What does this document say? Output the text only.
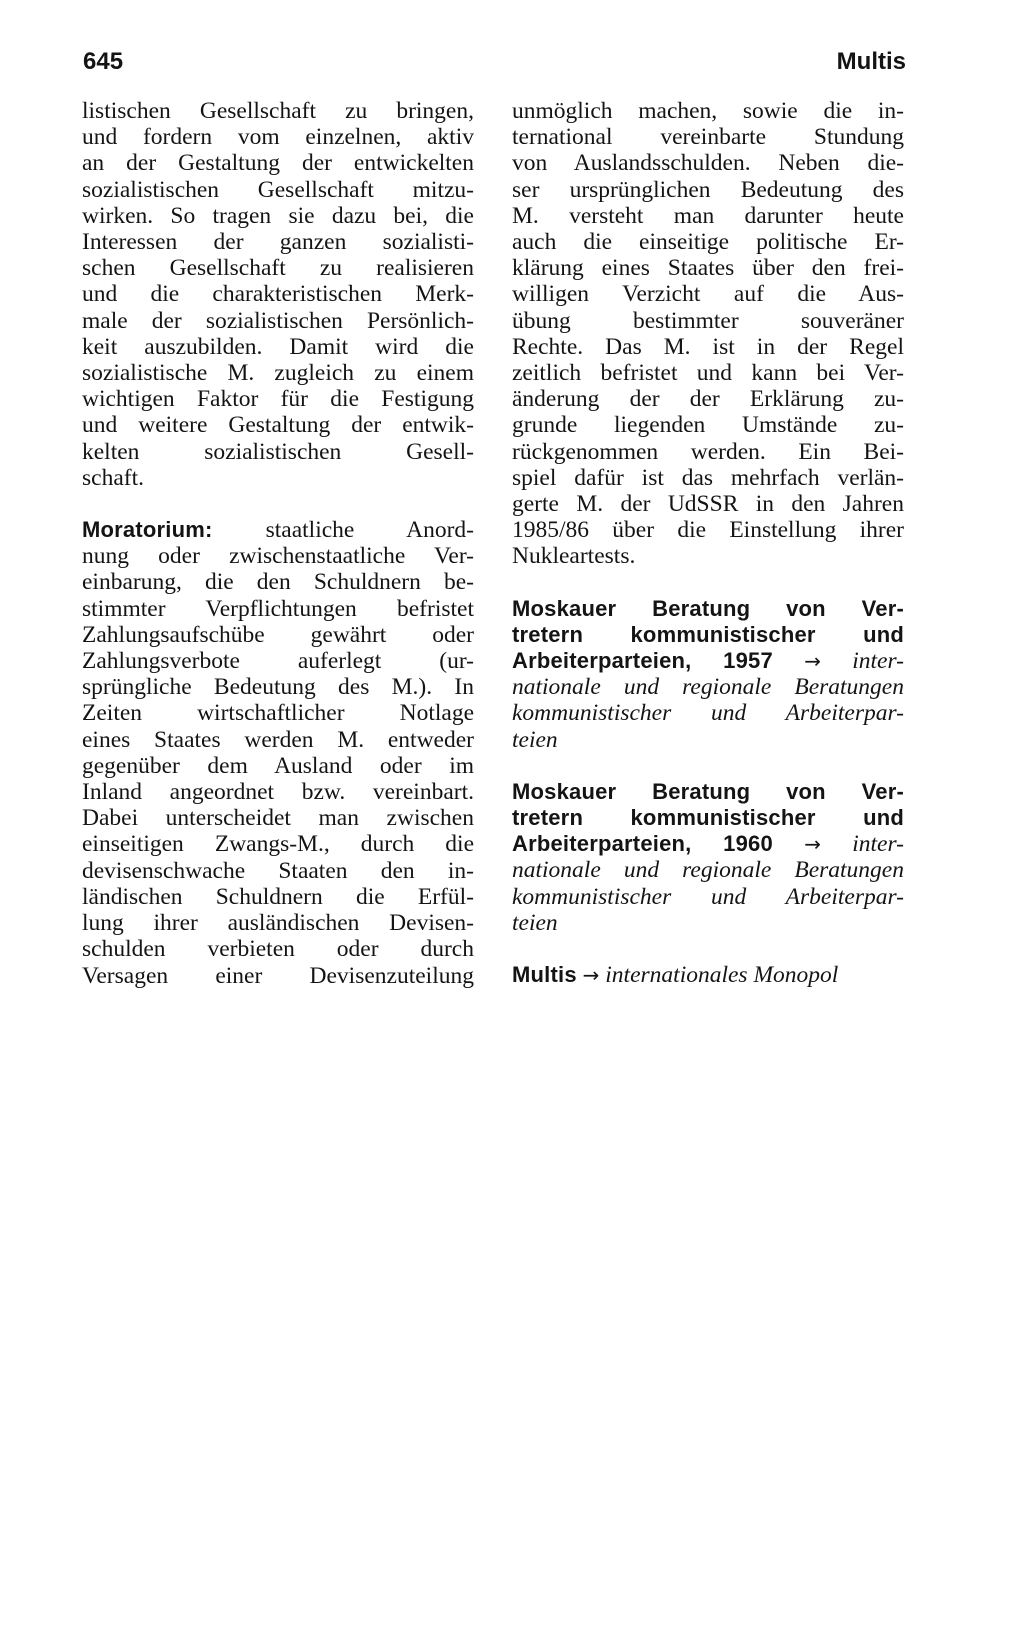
645	Multis

listischen Gesellschaft zu bringen,
und fordern vom einzelnen, aktiv
an der Gestaltung der entwickelten
sozialistischen Gesellschaft mitzu-
wirken. So tragen sie dazu bei, die
Interessen der ganzen sozialisti-
schen Gesellschaft zu realisieren
und die charakteristischen Merk-
male der sozialistischen Persönlich-
keit auszubilden. Damit wird die
sozialistische M. zugleich zu einem
wichtigen Faktor für die Festigung
und weitere Gestaltung der entwik-
kelten sozialistischen Gesell-
schaft.

Moratorium: staatliche Anord-
nung oder zwischenstaatliche Ver-
einbarung, die den Schuldnern be-
stimmter Verpflichtungen befristet
Zahlungsaufschübe gewährt oder
Zahlungsverbote auferlegt (ur-
sprüngliche Bedeutung des M.). In
Zeiten wirtschaftlicher Notlage
eines Staates werden M. entweder
gegenüber dem Ausland oder im
Inland angeordnet bzw. vereinbart.
Dabei unterscheidet man zwischen
einseitigen Zwangs-M., durch die
devisenschwache Staaten den in-
ländischen Schuldnern die Erfül-
lung ihrer ausländischen Devisen-
schulden verbieten oder durch
Versagen einer Devisenzuteilung

unmöglich machen, sowie die in-
ternational vereinbarte Stundung
von Auslandsschulden. Neben die-
ser ursprünglichen Bedeutung des
M. versteht man darunter heute
auch die einseitige politische Er-
klärung eines Staates über den frei-
willigen Verzicht auf die Aus-
übung bestimmter souveräner
Rechte. Das M. ist in der Regel
zeitlich befristet und kann bei Ver-
änderung der der Erklärung zu-
grunde liegenden Umstände zu-
rückgenommen werden. Ein Bei-
spiel dafür ist das mehrfach verlän-
gerte M. der UdSSR in den Jahren
1985/86 über die Einstellung ihrer
Nukleartests.

Moskauer Beratung von Ver-
tretern kommunistischer und
Arbeiterparteien, 1957 → inter-
nationale und regionale Beratungen
kommunistischer und Arbeiterpar-
teien

Moskauer Beratung von Ver-
tretern kommunistischer und
Arbeiterparteien, 1960 → inter-
nationale und regionale Beratungen
kommunistischer und Arbeiterpar-
teien

Multis → internationales Monopol
